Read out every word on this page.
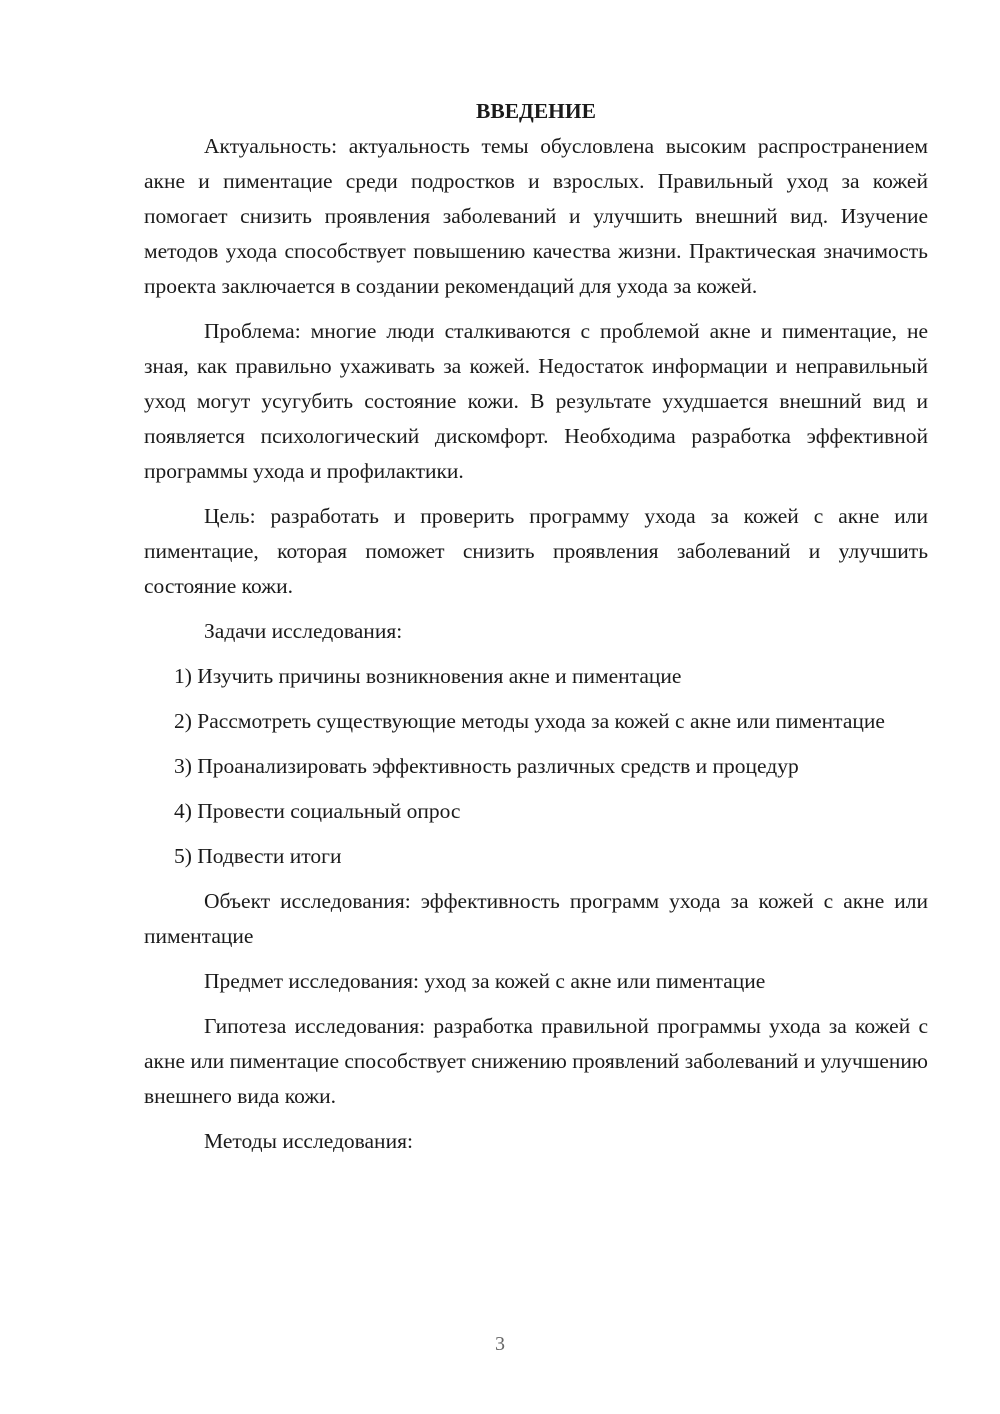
ВВЕДЕНИЕ

Актуальность: актуальность темы обусловлена высоким распространением акне и пиментацие среди подростков и взрослых. Правильный уход за кожей помогает снизить проявления заболеваний и улучшить внешний вид. Изучение методов ухода способствует повышению качества жизни. Практическая значимость проекта заключается в создании рекомендаций для ухода за кожей.

Проблема: многие люди сталкиваются с проблемой акне и пиментацие, не зная, как правильно ухаживать за кожей. Недостаток информации и неправильный уход могут усугубить состояние кожи. В результате ухудшается внешний вид и появляется психологический дискомфорт. Необходима разработка эффективной программы ухода и профилактики.

Цель: разработать и проверить программу ухода за кожей с акне или пиментацие, которая поможет снизить проявления заболеваний и улучшить состояние кожи.

Задачи исследования:

1) Изучить причины возникновения акне и пиментацие

2) Рассмотреть существующие методы ухода за кожей с акне или пиментацие

3) Проанализировать эффективность различных средств и процедур

4) Провести социальный опрос

5) Подвести итоги

Объект исследования: эффективность программ ухода за кожей с акне или пиментацие

Предмет исследования: уход за кожей с акне или пиментацие

Гипотеза исследования: разработка правильной программы ухода за кожей с акне или пиментацие способствует снижению проявлений заболеваний и улучшению внешнего вида кожи.

Методы исследования:

3
